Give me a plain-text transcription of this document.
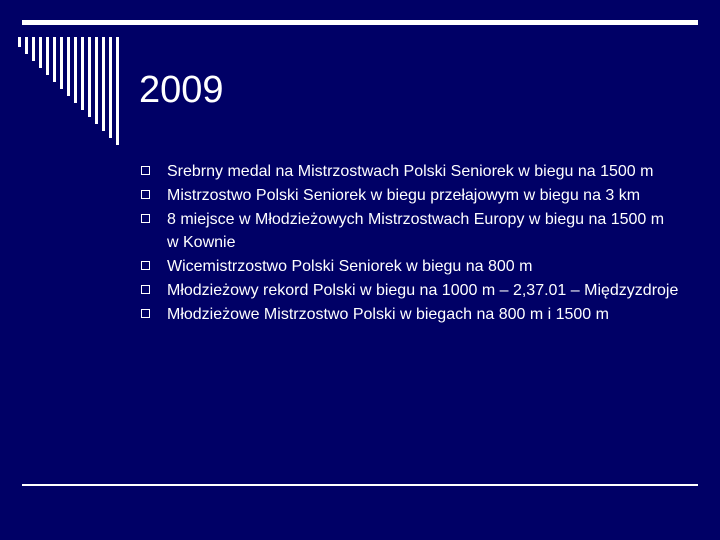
2009
Srebrny medal na Mistrzostwach Polski Seniorek w biegu na 1500 m
Mistrzostwo Polski Seniorek w biegu przełajowym w biegu na 3 km
8 miejsce w Młodzieżowych Mistrzostwach Europy w biegu na 1500 m w Kownie
Wicemistrzostwo Polski Seniorek w biegu na 800 m
Młodzieżowy rekord Polski w biegu na 1000 m – 2,37.01 – Międzyzdroje
Młodzieżowe Mistrzostwo Polski w biegach na 800 m i 1500 m
